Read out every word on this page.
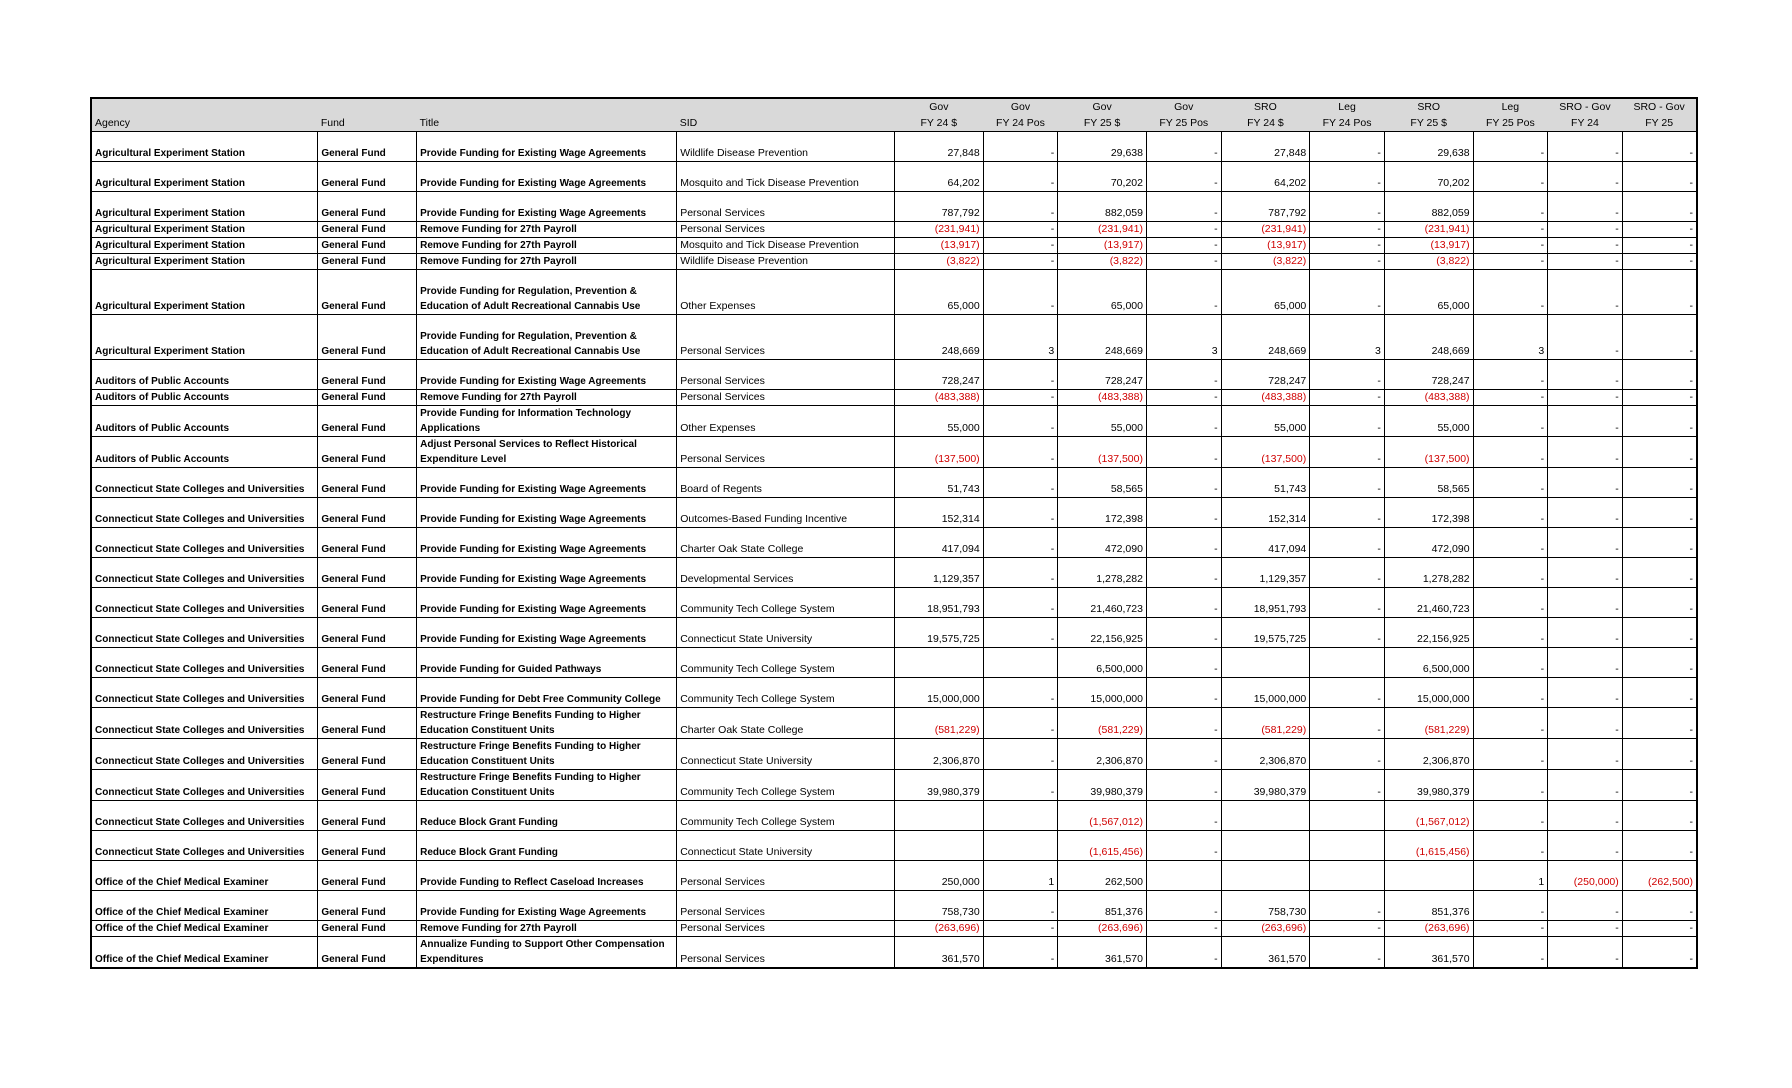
				Gov	Gov	Gov	Gov	SRO	Leg	SRO	Leg	SRO - Gov	SRO - Gov
Agency	Fund	Title	SID	FY 24 $	FY 24 Pos	FY 25 $	FY 25 Pos	FY 24 $	FY 24 Pos	FY 25 $	FY 25 Pos	FY 24	FY 25
Agricultural Experiment Station	General Fund	Provide Funding for Existing Wage Agreements	Wildlife Disease Prevention	27,848	-	29,638	-	27,848	-	29,638	-	-	-
Agricultural Experiment Station	General Fund	Provide Funding for Existing Wage Agreements	Mosquito and Tick Disease Prevention	64,202	-	70,202	-	64,202	-	70,202	-	-	-
Agricultural Experiment Station	General Fund	Provide Funding for Existing Wage Agreements	Personal Services	787,792	-	882,059	-	787,792	-	882,059	-	-	-
Agricultural Experiment Station	General Fund	Remove Funding for 27th Payroll	Personal Services	(231,941)	-	(231,941)	-	(231,941)	-	(231,941)	-	-	-
Agricultural Experiment Station	General Fund	Remove Funding for 27th Payroll	Mosquito and Tick Disease Prevention	(13,917)	-	(13,917)	-	(13,917)	-	(13,917)	-	-	-
Agricultural Experiment Station	General Fund	Remove Funding for 27th Payroll	Wildlife Disease Prevention	(3,822)	-	(3,822)	-	(3,822)	-	(3,822)	-	-	-
Agricultural Experiment Station	General Fund	Provide Funding for Regulation, Prevention & Education of Adult Recreational Cannabis Use	Other Expenses	65,000	-	65,000	-	65,000	-	65,000	-	-	-
Agricultural Experiment Station	General Fund	Provide Funding for Regulation, Prevention & Education of Adult Recreational Cannabis Use	Personal Services	248,669	3	248,669	3	248,669	3	248,669	3	-	-
Auditors of Public Accounts	General Fund	Provide Funding for Existing Wage Agreements	Personal Services	728,247	-	728,247	-	728,247	-	728,247	-	-	-
Auditors of Public Accounts	General Fund	Remove Funding for 27th Payroll	Personal Services	(483,388)	-	(483,388)	-	(483,388)	-	(483,388)	-	-	-
Auditors of Public Accounts	General Fund	Provide Funding for Information Technology Applications	Other Expenses	55,000	-	55,000	-	55,000	-	55,000	-	-	-
Auditors of Public Accounts	General Fund	Adjust Personal Services to Reflect Historical Expenditure Level	Personal Services	(137,500)	-	(137,500)	-	(137,500)	-	(137,500)	-	-	-
Connecticut State Colleges and Universities	General Fund	Provide Funding for Existing Wage Agreements	Board of Regents	51,743	-	58,565	-	51,743	-	58,565	-	-	-
Connecticut State Colleges and Universities	General Fund	Provide Funding for Existing Wage Agreements	Outcomes-Based Funding Incentive	152,314	-	172,398	-	152,314	-	172,398	-	-	-
Connecticut State Colleges and Universities	General Fund	Provide Funding for Existing Wage Agreements	Charter Oak State College	417,094	-	472,090	-	417,094	-	472,090	-	-	-
Connecticut State Colleges and Universities	General Fund	Provide Funding for Existing Wage Agreements	Developmental Services	1,129,357	-	1,278,282	-	1,129,357	-	1,278,282	-	-	-
Connecticut State Colleges and Universities	General Fund	Provide Funding for Existing Wage Agreements	Community Tech College System	18,951,793	-	21,460,723	-	18,951,793	-	21,460,723	-	-	-
Connecticut State Colleges and Universities	General Fund	Provide Funding for Existing Wage Agreements	Connecticut State University	19,575,725	-	22,156,925	-	19,575,725	-	22,156,925	-	-	-
Connecticut State Colleges and Universities	General Fund	Provide Funding for Guided Pathways	Community Tech College System			6,500,000	-			6,500,000	-	-	-
Connecticut State Colleges and Universities	General Fund	Provide Funding for Debt Free Community College	Community Tech College System	15,000,000	-	15,000,000	-	15,000,000	-	15,000,000	-	-	-
Connecticut State Colleges and Universities	General Fund	Restructure Fringe Benefits Funding to Higher Education Constituent Units	Charter Oak State College	(581,229)	-	(581,229)	-	(581,229)	-	(581,229)	-	-	-
Connecticut State Colleges and Universities	General Fund	Restructure Fringe Benefits Funding to Higher Education Constituent Units	Connecticut State University	2,306,870	-	2,306,870	-	2,306,870	-	2,306,870	-	-	-
Connecticut State Colleges and Universities	General Fund	Restructure Fringe Benefits Funding to Higher Education Constituent Units	Community Tech College System	39,980,379	-	39,980,379	-	39,980,379	-	39,980,379	-	-	-
Connecticut State Colleges and Universities	General Fund	Reduce Block Grant Funding	Community Tech College System			(1,567,012)	-			(1,567,012)	-	-	-
Connecticut State Colleges and Universities	General Fund	Reduce Block Grant Funding	Connecticut State University			(1,615,456)	-			(1,615,456)	-	-	-
Office of the Chief Medical Examiner	General Fund	Provide Funding to Reflect Caseload Increases	Personal Services	250,000	1	262,500					1	(250,000)	(262,500)
Office of the Chief Medical Examiner	General Fund	Provide Funding for Existing Wage Agreements	Personal Services	758,730	-	851,376	-	758,730	-	851,376	-	-	-
Office of the Chief Medical Examiner	General Fund	Remove Funding for 27th Payroll	Personal Services	(263,696)	-	(263,696)	-	(263,696)	-	(263,696)	-	-	-
Office of the Chief Medical Examiner	General Fund	Annualize Funding to Support Other Compensation Expenditures	Personal Services	361,570	-	361,570	-	361,570	-	361,570	-	-	-
